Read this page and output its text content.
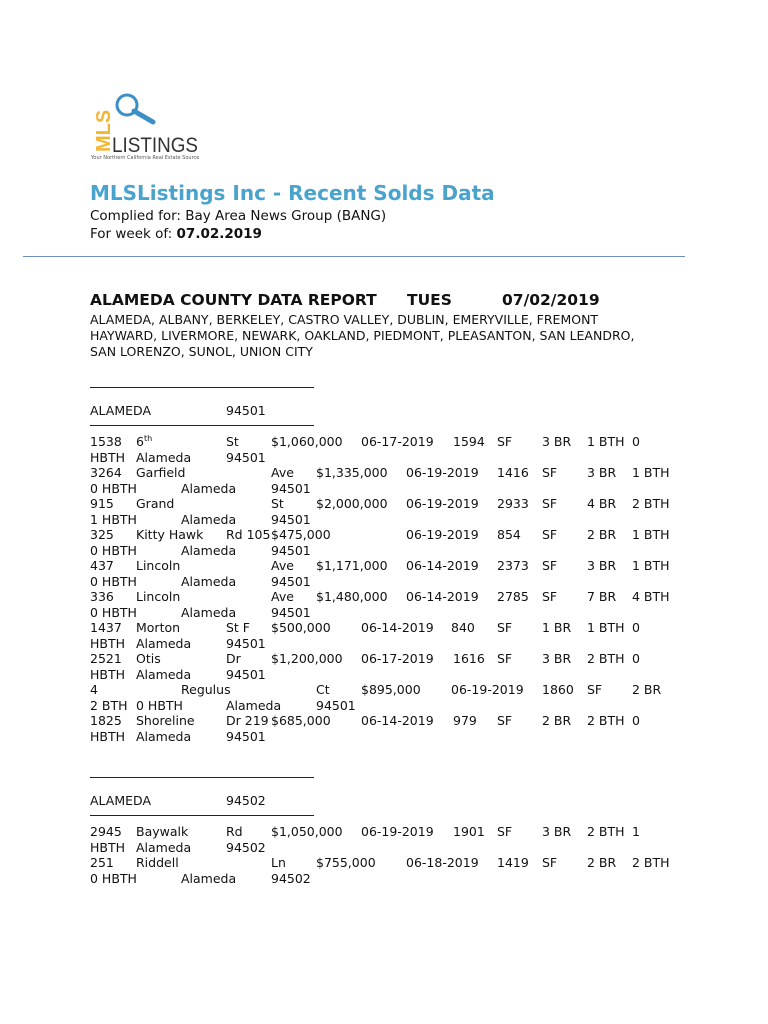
MLS
LISTINGS
Your Northern California Real Estate Source
MLSListings Inc - Recent Solds Data
Complied for: Bay Area News Group (BANG)
For week of: 07.02.2019
ALAMEDA COUNTY DATA REPORT TUES	07/02/2019
ALAMEDA, ALBANY, BERKELEY, CASTRO VALLEY, DUBLIN, EMERYVILLE, FREMONT
HAYWARD, LIVERMORE, NEWARK, OAKLAND, PIEDMONT, PLEASANTON, SAN LEANDRO,
SAN LORENZO, SUNOL, UNION CITY
ALAMEDA	94501
1538 6th	St	$1,060,000 06-17-2019 1594 SF 3 BR 1 BTH 0
HBTH Alameda	94501
3264 Garfield	Ave $1,335,000 06-19-2019 1416 SF 3 BR 1 BTH
0 HBTH	Alameda	94501
915 Grand	St	$2,000,000 06-19-2019 2933 SF 4 BR 2 BTH
1 HBTH	Alameda	94501
325 Kitty Hawk Rd 105 $475,000	06-19-2019 854 SF 2 BR 1 BTH
0 HBTH	Alameda	94501
437 Lincoln	Ave $1,171,000 06-14-2019 2373 SF 3 BR 1 BTH
0 HBTH	Alameda	94501
336 Lincoln	Ave $1,480,000 06-14-2019 2785 SF 7 BR 4 BTH
0 HBTH	Alameda	94501
1437 Morton	St F $500,000 06-14-2019 840 SF 1 BR 1 BTH 0
HBTH Alameda	94501
2521 Otis	Dr $1,200,000 06-17-2019 1616 SF 3 BR 2 BTH 0
HBTH Alameda	94501
4	Regulus	Ct	$895,000 06-19-2019 1860 SF 2 BR
2 BTH 0 HBTH	Alameda	94501
1825 Shoreline	Dr 219 $685,000 06-14-2019 979 SF 2 BR 2 BTH 0
HBTH Alameda	94501
ALAMEDA	94502
2945 Baywalk	Rd $1,050,000 06-19-2019 1901 SF 3 BR 2 BTH 1
HBTH Alameda	94502
251 Riddell	Ln $755,000 06-18-2019 1419 SF 2 BR 2 BTH
0 HBTH	Alameda	94502
